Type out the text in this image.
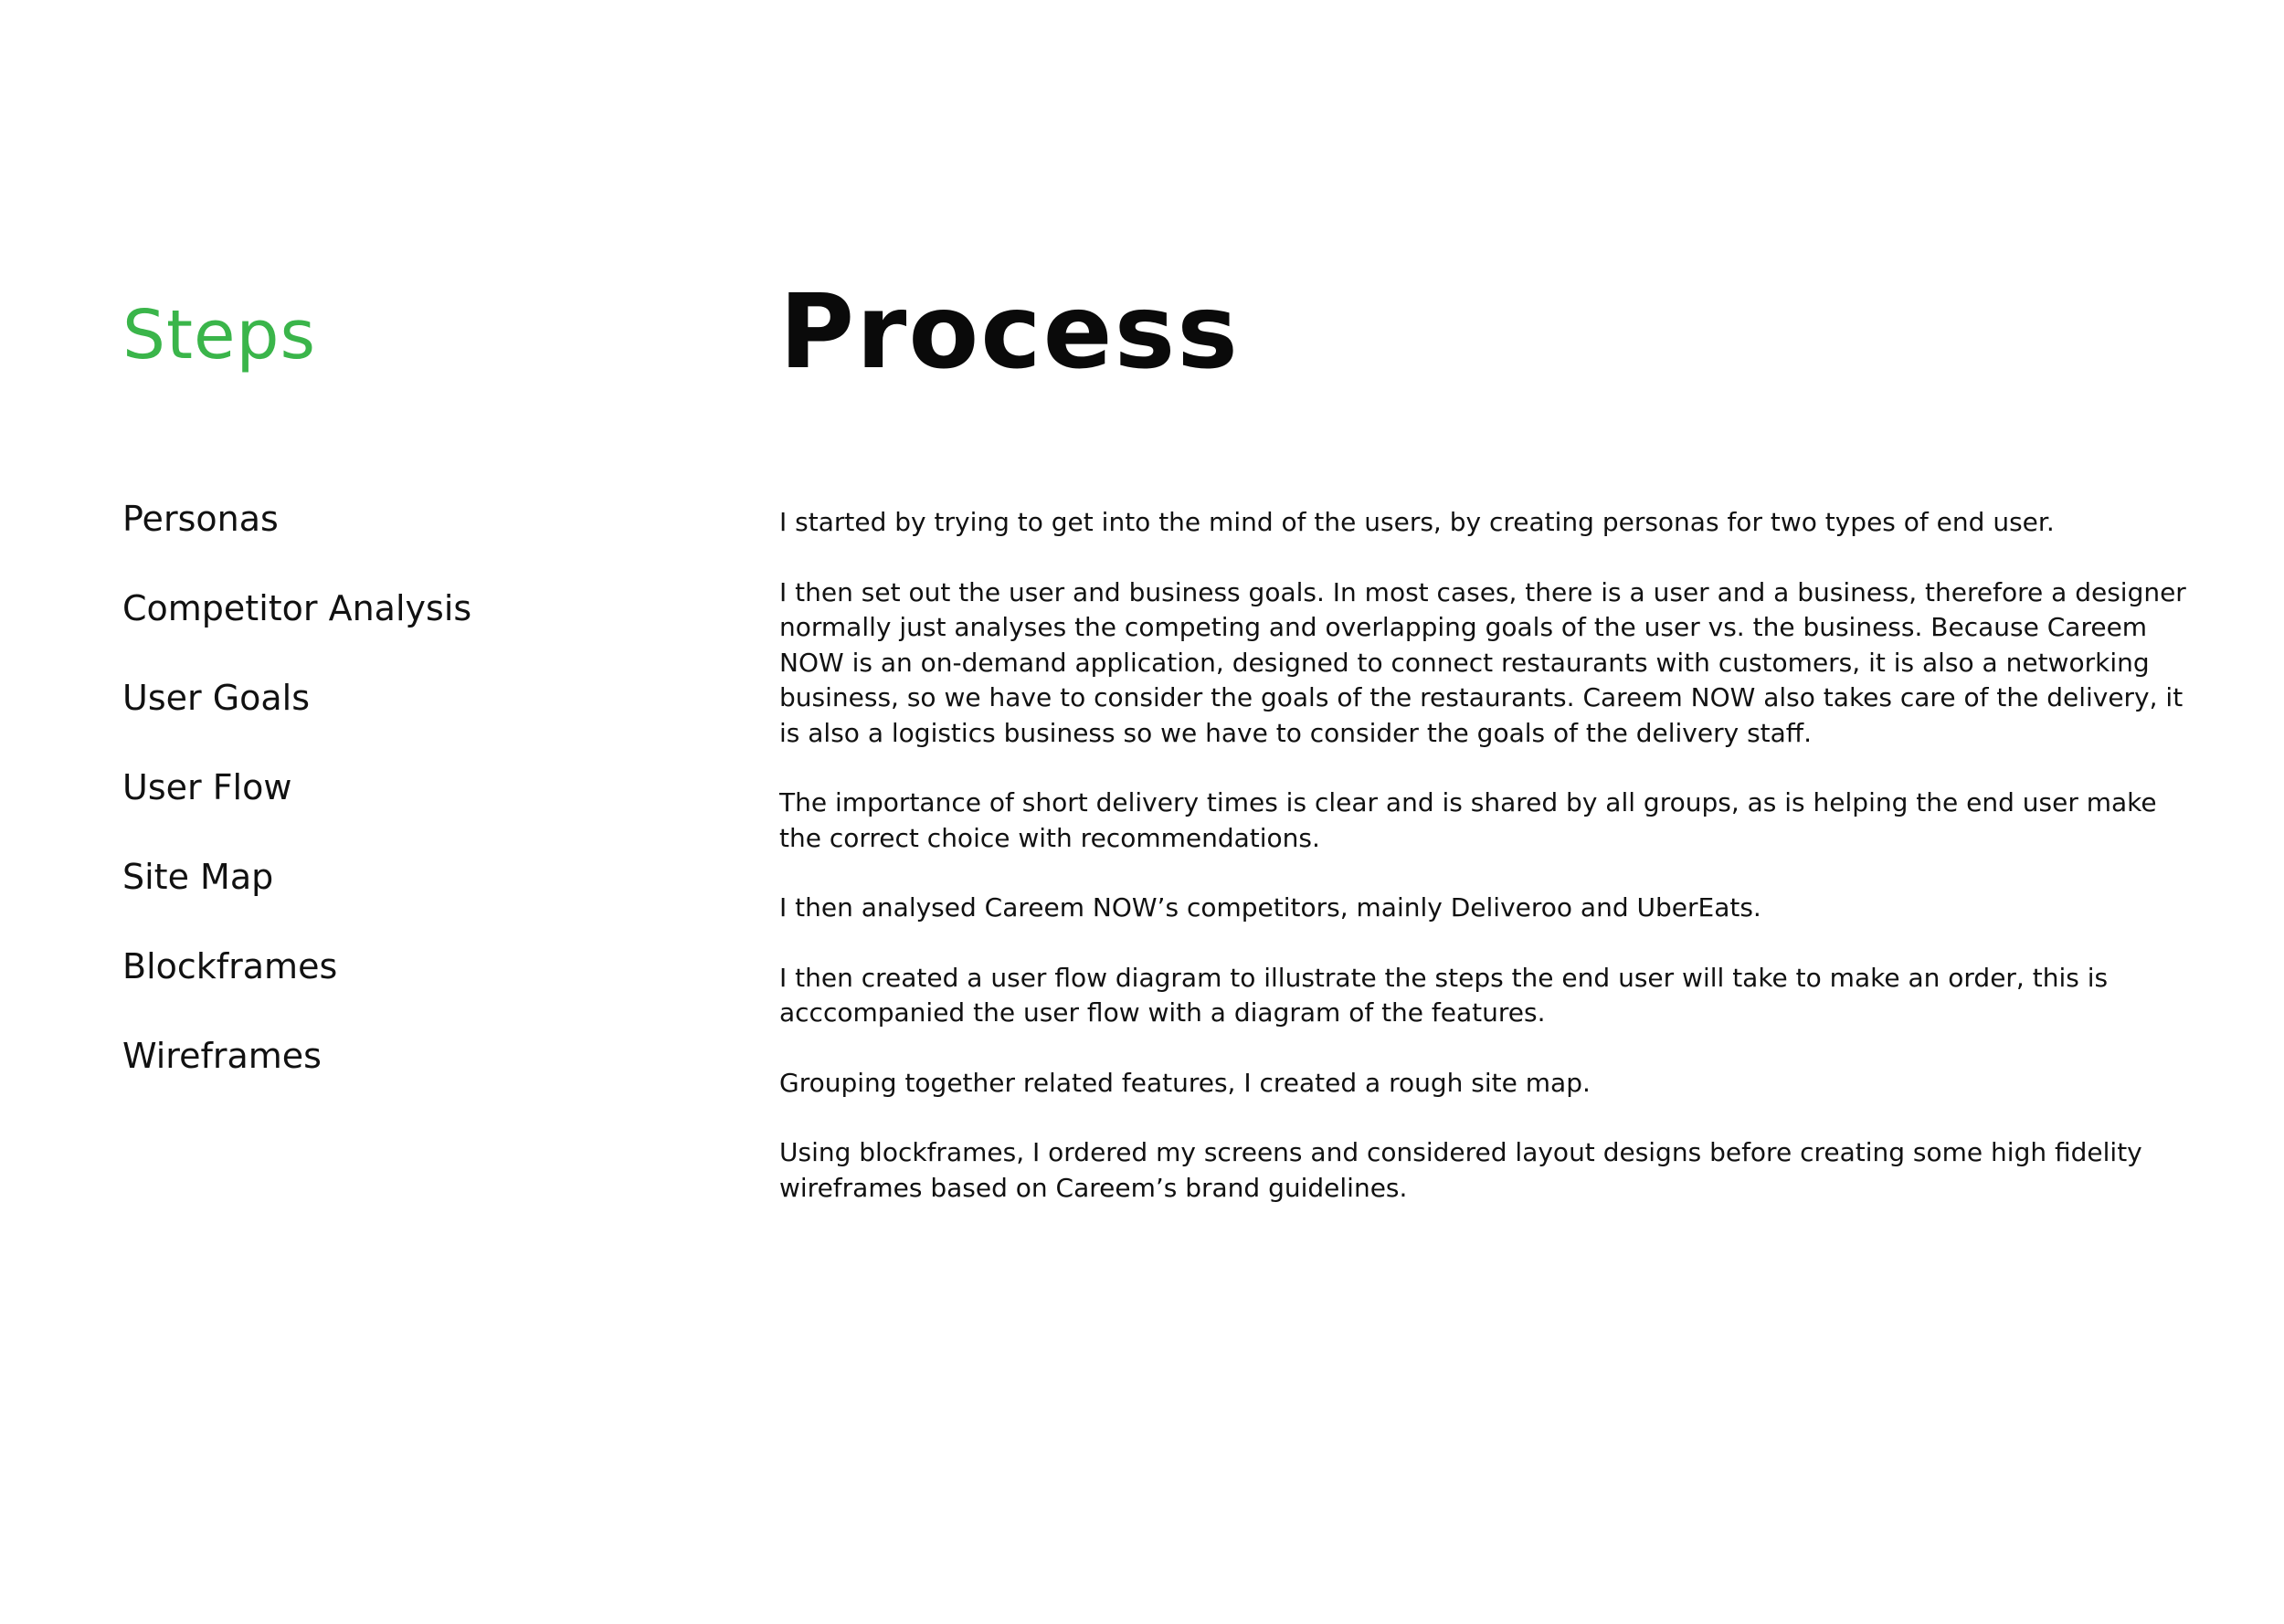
Steps
Personas
Competitor Analysis
User Goals
User Flow
Site Map
Blockframes
Wireframes
Process

I started by trying to get into the mind of the users, by creating personas for two types of end user.

I then set out the user and business goals. In most cases, there is a user and a business, therefore a designer normally just analyses the competing and overlapping goals of the user vs. the business. Because Careem NOW is an on-demand application, designed to connect restaurants with customers, it is also a networking business, so we have to consider the goals of the restaurants. Careem NOW also takes care of the delivery, it is also a logistics business so we have to consider the goals of the delivery staff.

The importance of short delivery times is clear and is shared by all groups, as is helping the end user make the correct choice with recommendations.

I then analysed Careem NOW’s competitors, mainly Deliveroo and UberEats.

I then created a user flow diagram to illustrate the steps the end user will take to make an order, this is acccompanied the user flow with a diagram of the features.

Grouping together related features, I created a rough site map.

Using blockframes, I ordered my screens and considered layout designs before creating some high fidelity wireframes based on Careem’s brand guidelines.
